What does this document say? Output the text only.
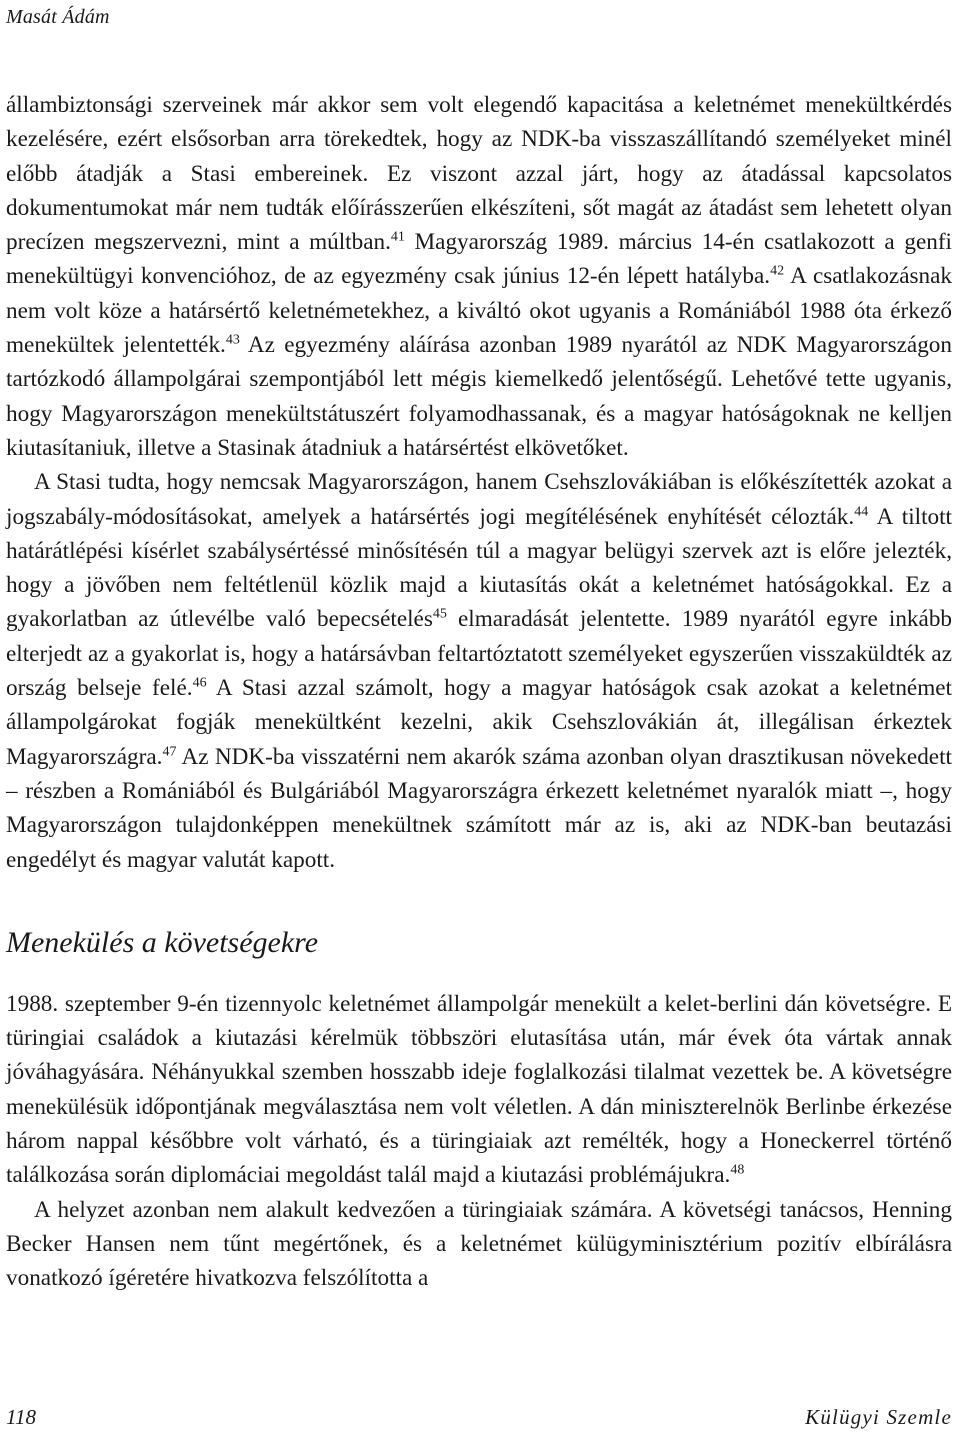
Masát Ádám

állambiztonsági szerveinek már akkor sem volt elegendő kapacitása a keletnémet menekültkérdés kezelésére, ezért elsősorban arra törekedtek, hogy az NDK-ba visszaszállítandó személyeket minél előbb átadják a Stasi embereinek. Ez viszont azzal járt, hogy az átadással kapcsolatos dokumentumokat már nem tudták előírásszerűen elkészíteni, sőt magát az átadást sem lehetett olyan precízen megszervezni, mint a múltban.$^{41}$ Magyarország 1989. március 14-én csatlakozott a genfi menekültügyi konvencióhoz, de az egyezmény csak június 12-én lépett hatályba.$^{42}$ A csatlakozásnak nem volt köze a határsértő keletnémetekhez, a kiváltó okot ugyanis a Romániából 1988 óta érkező menekültek jelentették.$^{43}$ Az egyezmény aláírása azonban 1989 nyarától az NDK Magyarországon tartózkodó állampolgárai szempontjából lett mégis kiemelkedő jelentőségű. Lehetővé tette ugyanis, hogy Magyarországon menekültstátuszért folyamodhassanak, és a magyar hatóságoknak ne kelljen kiutasítaniuk, illetve a Stasinak átadniuk a határsértést elkövetőket.

A Stasi tudta, hogy nemcsak Magyarországon, hanem Csehszlovákiában is előkészítették azokat a jogszabály-módosításokat, amelyek a határsértés jogi megítélésének enyhítését célozták.$^{44}$ A tiltott határátlépési kísérlet szabálysértéssé minősítésén túl a magyar belügyi szervek azt is előre jelezték, hogy a jövőben nem feltétlenül közlik majd a kiutasítás okát a keletnémet hatóságokkal. Ez a gyakorlatban az útlevélbe való bepecsételés$^{45}$ elmaradását jelentette. 1989 nyarától egyre inkább elterjedt az a gyakorlat is, hogy a határsávban feltartóztatott személyeket egyszerűen visszaküldték az ország belseje felé.$^{46}$ A Stasi azzal számolt, hogy a magyar hatóságok csak azokat a keletnémet állampolgárokat fogják menekültként kezelni, akik Csehszlovákián át, illegálisan érkeztek Magyarországra.$^{47}$ Az NDK-ba visszatérni nem akarók száma azonban olyan drasztikusan növekedett – részben a Romániából és Bulgáriából Magyarországra érkezett keletnémet nyaralók miatt –, hogy Magyarországon tulajdonképpen menekültnek számított már az is, aki az NDK-ban beutazási engedélyt és magyar valutát kapott.

Menekülés a követségekre

1988. szeptember 9-én tizennyolc keletnémet állampolgár menekült a kelet-berlini dán követségre. E türingiai családok a kiutazási kérelmük többszöri elutasítása után, már évek óta vártak annak jóváhagyására. Néhányukkal szemben hosszabb ideje foglalkozási tilalmat vezettek be. A követségre menekülésük időpontjának megválasztása nem volt véletlen. A dán miniszterelnök Berlinbe érkezése három nappal későbbre volt várható, és a türingiaiak azt remélték, hogy a Honeckerrel történő találkozása során diplomáciai megoldást talál majd a kiutazási problémájukra.$^{48}$

A helyzet azonban nem alakult kedvezően a türingiaiak számára. A követségi tanácsos, Henning Becker Hansen nem tűnt megértőnek, és a keletnémet külügyminisztérium pozitív elbírálásra vonatkozó ígéretére hivatkozva felszólította a

118	Külügyi Szemle
